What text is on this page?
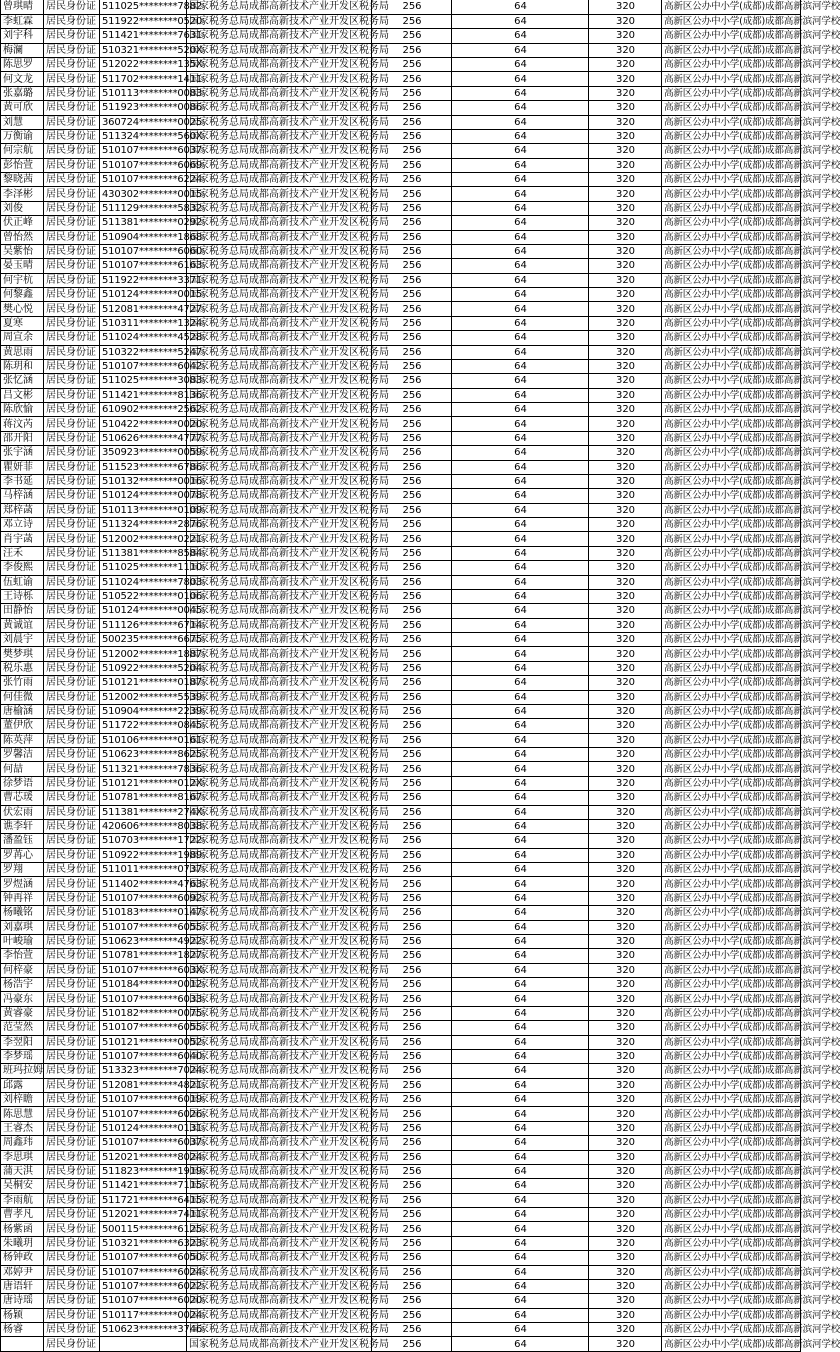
曾琪晴	居民身份证	511025********7882	国家税务总局成都高新技术产业开发区税务局	256	64	320	高新区公办中小学(成都)成都高新滨河学校
李虹霖	居民身份证	511922********0520	国家税务总局成都高新技术产业开发区税务局	256	64	320	高新区公办中小学(成都)成都高新滨河学校
刘宇科	居民身份证	511421********7631	国家税务总局成都高新技术产业开发区税务局	256	64	320	高新区公办中小学(成都)成都高新滨河学校
梅澜	居民身份证	510321********520X	国家税务总局成都高新技术产业开发区税务局	256	64	320	高新区公办中小学(成都)成都高新滨河学校
陈思罗	居民身份证	512022********135X	国家税务总局成都高新技术产业开发区税务局	256	64	320	高新区公办中小学(成都)成都高新滨河学校
何文龙	居民身份证	511702********1411	国家税务总局成都高新技术产业开发区税务局	256	64	320	高新区公办中小学(成都)成都高新滨河学校
张嘉璐	居民身份证	510113********0083	国家税务总局成都高新技术产业开发区税务局	256	64	320	高新区公办中小学(成都)成都高新滨河学校
黄可欣	居民身份证	511923********0086	国家税务总局成都高新技术产业开发区税务局	256	64	320	高新区公办中小学(成都)成都高新滨河学校
刘慧	居民身份证	360724********0025	国家税务总局成都高新技术产业开发区税务局	256	64	320	高新区公办中小学(成都)成都高新滨河学校
万衡谕	居民身份证	511324********560X	国家税务总局成都高新技术产业开发区税务局	256	64	320	高新区公办中小学(成都)成都高新滨河学校
何宗航	居民身份证	510107********6037	国家税务总局成都高新技术产业开发区税务局	256	64	320	高新区公办中小学(成都)成都高新滨河学校
彭怡萱	居民身份证	510107********6069	国家税务总局成都高新技术产业开发区税务局	256	64	320	高新区公办中小学(成都)成都高新滨河学校
黎晓茜	居民身份证	510107********6224	国家税务总局成都高新技术产业开发区税务局	256	64	320	高新区公办中小学(成都)成都高新滨河学校
李泽彬	居民身份证	430302********0015	国家税务总局成都高新技术产业开发区税务局	256	64	320	高新区公办中小学(成都)成都高新滨河学校
刘俊	居民身份证	511129********5832	国家税务总局成都高新技术产业开发区税务局	256	64	320	高新区公办中小学(成都)成都高新滨河学校
伏正峰	居民身份证	511381********0292	国家税务总局成都高新技术产业开发区税务局	256	64	320	高新区公办中小学(成都)成都高新滨河学校
曾怡然	居民身份证	510904********1868	国家税务总局成都高新技术产业开发区税务局	256	64	320	高新区公办中小学(成都)成都高新滨河学校
吴紫怡	居民身份证	510107********6060	国家税务总局成都高新技术产业开发区税务局	256	64	320	高新区公办中小学(成都)成都高新滨河学校
晏玉晴	居民身份证	510107********6163	国家税务总局成都高新技术产业开发区税务局	256	64	320	高新区公办中小学(成都)成都高新滨河学校
何宇杭	居民身份证	511922********3371	国家税务总局成都高新技术产业开发区税务局	256	64	320	高新区公办中小学(成都)成都高新滨河学校
何黎鑫	居民身份证	510124********0015	国家税务总局成都高新技术产业开发区税务局	256	64	320	高新区公办中小学(成都)成都高新滨河学校
樊心悦	居民身份证	512081********4727	国家税务总局成都高新技术产业开发区税务局	256	64	320	高新区公办中小学(成都)成都高新滨河学校
夏寒	居民身份证	510311********1324	国家税务总局成都高新技术产业开发区税务局	256	64	320	高新区公办中小学(成都)成都高新滨河学校
周宣余	居民身份证	511024********4528	国家税务总局成都高新技术产业开发区税务局	256	64	320	高新区公办中小学(成都)成都高新滨河学校
黄思雨	居民身份证	510322********5247	国家税务总局成都高新技术产业开发区税务局	256	64	320	高新区公办中小学(成都)成都高新滨河学校
陈玥和	居民身份证	510107********6042	国家税务总局成都高新技术产业开发区税务局	256	64	320	高新区公办中小学(成都)成都高新滨河学校
张忆涵	居民身份证	511025********3083	国家税务总局成都高新技术产业开发区税务局	256	64	320	高新区公办中小学(成都)成都高新滨河学校
吕文彬	居民身份证	511421********8136	国家税务总局成都高新技术产业开发区税务局	256	64	320	高新区公办中小学(成都)成都高新滨河学校
陈欣愉	居民身份证	610902********2562	国家税务总局成都高新技术产业开发区税务局	256	64	320	高新区公办中小学(成都)成都高新滨河学校
蒋汶芮	居民身份证	510422********0020	国家税务总局成都高新技术产业开发区税务局	256	64	320	高新区公办中小学(成都)成都高新滨河学校
邵开阳	居民身份证	510626********4777	国家税务总局成都高新技术产业开发区税务局	256	64	320	高新区公办中小学(成都)成都高新滨河学校
张宇涵	居民身份证	350923********0059	国家税务总局成都高新技术产业开发区税务局	256	64	320	高新区公办中小学(成都)成都高新滨河学校
瞿妍菲	居民身份证	511523********6786	国家税务总局成都高新技术产业开发区税务局	256	64	320	高新区公办中小学(成都)成都高新滨河学校
李书延	居民身份证	510132********0016	国家税务总局成都高新技术产业开发区税务局	256	64	320	高新区公办中小学(成都)成都高新滨河学校
马梓涵	居民身份证	510124********0078	国家税务总局成都高新技术产业开发区税务局	256	64	320	高新区公办中小学(成都)成都高新滨河学校
郑梓菡	居民身份证	510113********0109	国家税务总局成都高新技术产业开发区税务局	256	64	320	高新区公办中小学(成都)成都高新滨河学校
邓立诗	居民身份证	511324********2876	国家税务总局成都高新技术产业开发区税务局	256	64	320	高新区公办中小学(成都)成都高新滨河学校
肖宇菡	居民身份证	512002********0221	国家税务总局成都高新技术产业开发区税务局	256	64	320	高新区公办中小学(成都)成都高新滨河学校
汪禾	居民身份证	511381********8584	国家税务总局成都高新技术产业开发区税务局	256	64	320	高新区公办中小学(成都)成都高新滨河学校
李俊熙	居民身份证	511025********1110	国家税务总局成都高新技术产业开发区税务局	256	64	320	高新区公办中小学(成都)成都高新滨河学校
伍虹谕	居民身份证	511024********7803	国家税务总局成都高新技术产业开发区税务局	256	64	320	高新区公办中小学(成都)成都高新滨河学校
王诗栎	居民身份证	510522********0106	国家税务总局成都高新技术产业开发区税务局	256	64	320	高新区公办中小学(成都)成都高新滨河学校
田静怡	居民身份证	510124********0045	国家税务总局成都高新技术产业开发区税务局	256	64	320	高新区公办中小学(成都)成都高新滨河学校
黄诚谊	居民身份证	511126********6714	国家税务总局成都高新技术产业开发区税务局	256	64	320	高新区公办中小学(成都)成都高新滨河学校
刘晨宇	居民身份证	500235********6675	国家税务总局成都高新技术产业开发区税务局	256	64	320	高新区公办中小学(成都)成都高新滨河学校
樊梦琪	居民身份证	512002********1887	国家税务总局成都高新技术产业开发区税务局	256	64	320	高新区公办中小学(成都)成都高新滨河学校
税乐惠	居民身份证	510922********5204	国家税务总局成都高新技术产业开发区税务局	256	64	320	高新区公办中小学(成都)成都高新滨河学校
张竹雨	居民身份证	510121********0187	国家税务总局成都高新技术产业开发区税务局	256	64	320	高新区公办中小学(成都)成都高新滨河学校
何佳微	居民身份证	512002********5539	国家税务总局成都高新技术产业开发区税务局	256	64	320	高新区公办中小学(成都)成都高新滨河学校
唐榆涵	居民身份证	510904********2239	国家税务总局成都高新技术产业开发区税务局	256	64	320	高新区公办中小学(成都)成都高新滨河学校
董伊欣	居民身份证	511722********0845	国家税务总局成都高新技术产业开发区税务局	256	64	320	高新区公办中小学(成都)成都高新滨河学校
陈英萍	居民身份证	510106********0161	国家税务总局成都高新技术产业开发区税务局	256	64	320	高新区公办中小学(成都)成都高新滨河学校
罗馨洁	居民身份证	510623********8625	国家税务总局成都高新技术产业开发区税务局	256	64	320	高新区公办中小学(成都)成都高新滨河学校
何喆	居民身份证	511321********7836	国家税务总局成都高新技术产业开发区税务局	256	64	320	高新区公办中小学(成都)成都高新滨河学校
徐梦语	居民身份证	510121********012X	国家税务总局成都高新技术产业开发区税务局	256	64	320	高新区公办中小学(成都)成都高新滨河学校
曹芯瑗	居民身份证	510781********8167	国家税务总局成都高新技术产业开发区税务局	256	64	320	高新区公办中小学(成都)成都高新滨河学校
伏宏雨	居民身份证	511381********274X	国家税务总局成都高新技术产业开发区税务局	256	64	320	高新区公办中小学(成都)成都高新滨河学校
谯李轩	居民身份证	420606********8038	国家税务总局成都高新技术产业开发区税务局	256	64	320	高新区公办中小学(成都)成都高新滨河学校
潘盈钰	居民身份证	510703********1722	国家税务总局成都高新技术产业开发区税务局	256	64	320	高新区公办中小学(成都)成都高新滨河学校
罗苒心	居民身份证	510922********1989	国家税务总局成都高新技术产业开发区税务局	256	64	320	高新区公办中小学(成都)成都高新滨河学校
罗翔	居民身份证	511011********0737	国家税务总局成都高新技术产业开发区税务局	256	64	320	高新区公办中小学(成都)成都高新滨河学校
罗煜涵	居民身份证	511402********4763	国家税务总局成都高新技术产业开发区税务局	256	64	320	高新区公办中小学(成都)成都高新滨河学校
钟再祥	居民身份证	510107********6092	国家税务总局成都高新技术产业开发区税务局	256	64	320	高新区公办中小学(成都)成都高新滨河学校
杨曦铭	居民身份证	510183********0147	国家税务总局成都高新技术产业开发区税务局	256	64	320	高新区公办中小学(成都)成都高新滨河学校
刘嘉琪	居民身份证	510107********6055	国家税务总局成都高新技术产业开发区税务局	256	64	320	高新区公办中小学(成都)成都高新滨河学校
叶峻瑜	居民身份证	510623********4922	国家税务总局成都高新技术产业开发区税务局	256	64	320	高新区公办中小学(成都)成都高新滨河学校
李怡萱	居民身份证	510781********1827	国家税务总局成都高新技术产业开发区税务局	256	64	320	高新区公办中小学(成都)成都高新滨河学校
何梓豪	居民身份证	510107********603X	国家税务总局成都高新技术产业开发区税务局	256	64	320	高新区公办中小学(成都)成都高新滨河学校
杨浩宇	居民身份证	510184********0012	国家税务总局成都高新技术产业开发区税务局	256	64	320	高新区公办中小学(成都)成都高新滨河学校
冯豪东	居民身份证	510107********6033	国家税务总局成都高新技术产业开发区税务局	256	64	320	高新区公办中小学(成都)成都高新滨河学校
黄睿豪	居民身份证	510182********0075	国家税务总局成都高新技术产业开发区税务局	256	64	320	高新区公办中小学(成都)成都高新滨河学校
范莹然	居民身份证	510107********6055	国家税务总局成都高新技术产业开发区税务局	256	64	320	高新区公办中小学(成都)成都高新滨河学校
李翌阳	居民身份证	510121********0052	国家税务总局成都高新技术产业开发区税务局	256	64	320	高新区公办中小学(成都)成都高新滨河学校
李梦瑶	居民身份证	510107********6040	国家税务总局成都高新技术产业开发区税务局	256	64	320	高新区公办中小学(成都)成都高新滨河学校
班玛拉姆	居民身份证	513323********7024	国家税务总局成都高新技术产业开发区税务局	256	64	320	高新区公办中小学(成都)成都高新滨河学校
邱露	居民身份证	512081********4821	国家税务总局成都高新技术产业开发区税务局	256	64	320	高新区公办中小学(成都)成都高新滨河学校
刘梓瞻	居民身份证	510107********6019	国家税务总局成都高新技术产业开发区税务局	256	64	320	高新区公办中小学(成都)成都高新滨河学校
陈思慧	居民身份证	510107********6026	国家税务总局成都高新技术产业开发区税务局	256	64	320	高新区公办中小学(成都)成都高新滨河学校
王睿杰	居民身份证	510124********0131	国家税务总局成都高新技术产业开发区税务局	256	64	320	高新区公办中小学(成都)成都高新滨河学校
周鑫玮	居民身份证	510107********6037	国家税务总局成都高新技术产业开发区税务局	256	64	320	高新区公办中小学(成都)成都高新滨河学校
李思琪	居民身份证	512021********8024	国家税务总局成都高新技术产业开发区税务局	256	64	320	高新区公办中小学(成都)成都高新滨河学校
蒲天淇	居民身份证	511823********1919	国家税务总局成都高新技术产业开发区税务局	256	64	320	高新区公办中小学(成都)成都高新滨河学校
吴桐安	居民身份证	511421********7115	国家税务总局成都高新技术产业开发区税务局	256	64	320	高新区公办中小学(成都)成都高新滨河学校
李雨航	居民身份证	511721********6415	国家税务总局成都高新技术产业开发区税务局	256	64	320	高新区公办中小学(成都)成都高新滨河学校
曹孝凡	居民身份证	512021********7411	国家税务总局成都高新技术产业开发区税务局	256	64	320	高新区公办中小学(成都)成都高新滨河学校
杨紫函	居民身份证	500115********6125	国家税务总局成都高新技术产业开发区税务局	256	64	320	高新区公办中小学(成都)成都高新滨河学校
朱曦玥	居民身份证	510321********6323	国家税务总局成都高新技术产业开发区税务局	256	64	320	高新区公办中小学(成都)成都高新滨河学校
杨钟政	居民身份证	510107********6050	国家税务总局成都高新技术产业开发区税务局	256	64	320	高新区公办中小学(成都)成都高新滨河学校
邓婷尹	居民身份证	510107********6024	国家税务总局成都高新技术产业开发区税务局	256	64	320	高新区公办中小学(成都)成都高新滨河学校
唐语轩	居民身份证	510107********6022	国家税务总局成都高新技术产业开发区税务局	256	64	320	高新区公办中小学(成都)成都高新滨河学校
唐诗瑶	居民身份证	510107********6020	国家税务总局成都高新技术产业开发区税务局	256	64	320	高新区公办中小学(成都)成都高新滨河学校
杨颖	居民身份证	510117********0024	国家税务总局成都高新技术产业开发区税务局	256	64	320	高新区公办中小学(成都)成都高新滨河学校
杨睿	居民身份证	510623********3746	国家税务总局成都高新技术产业开发区税务局	256	64	320	高新区公办中小学(成都)成都高新滨河学校
	居民身份证		国家税务总局成都高新技术产业开发区税务局	256	64	320	高新区公办中小学(成都)成都高新滨河学校
